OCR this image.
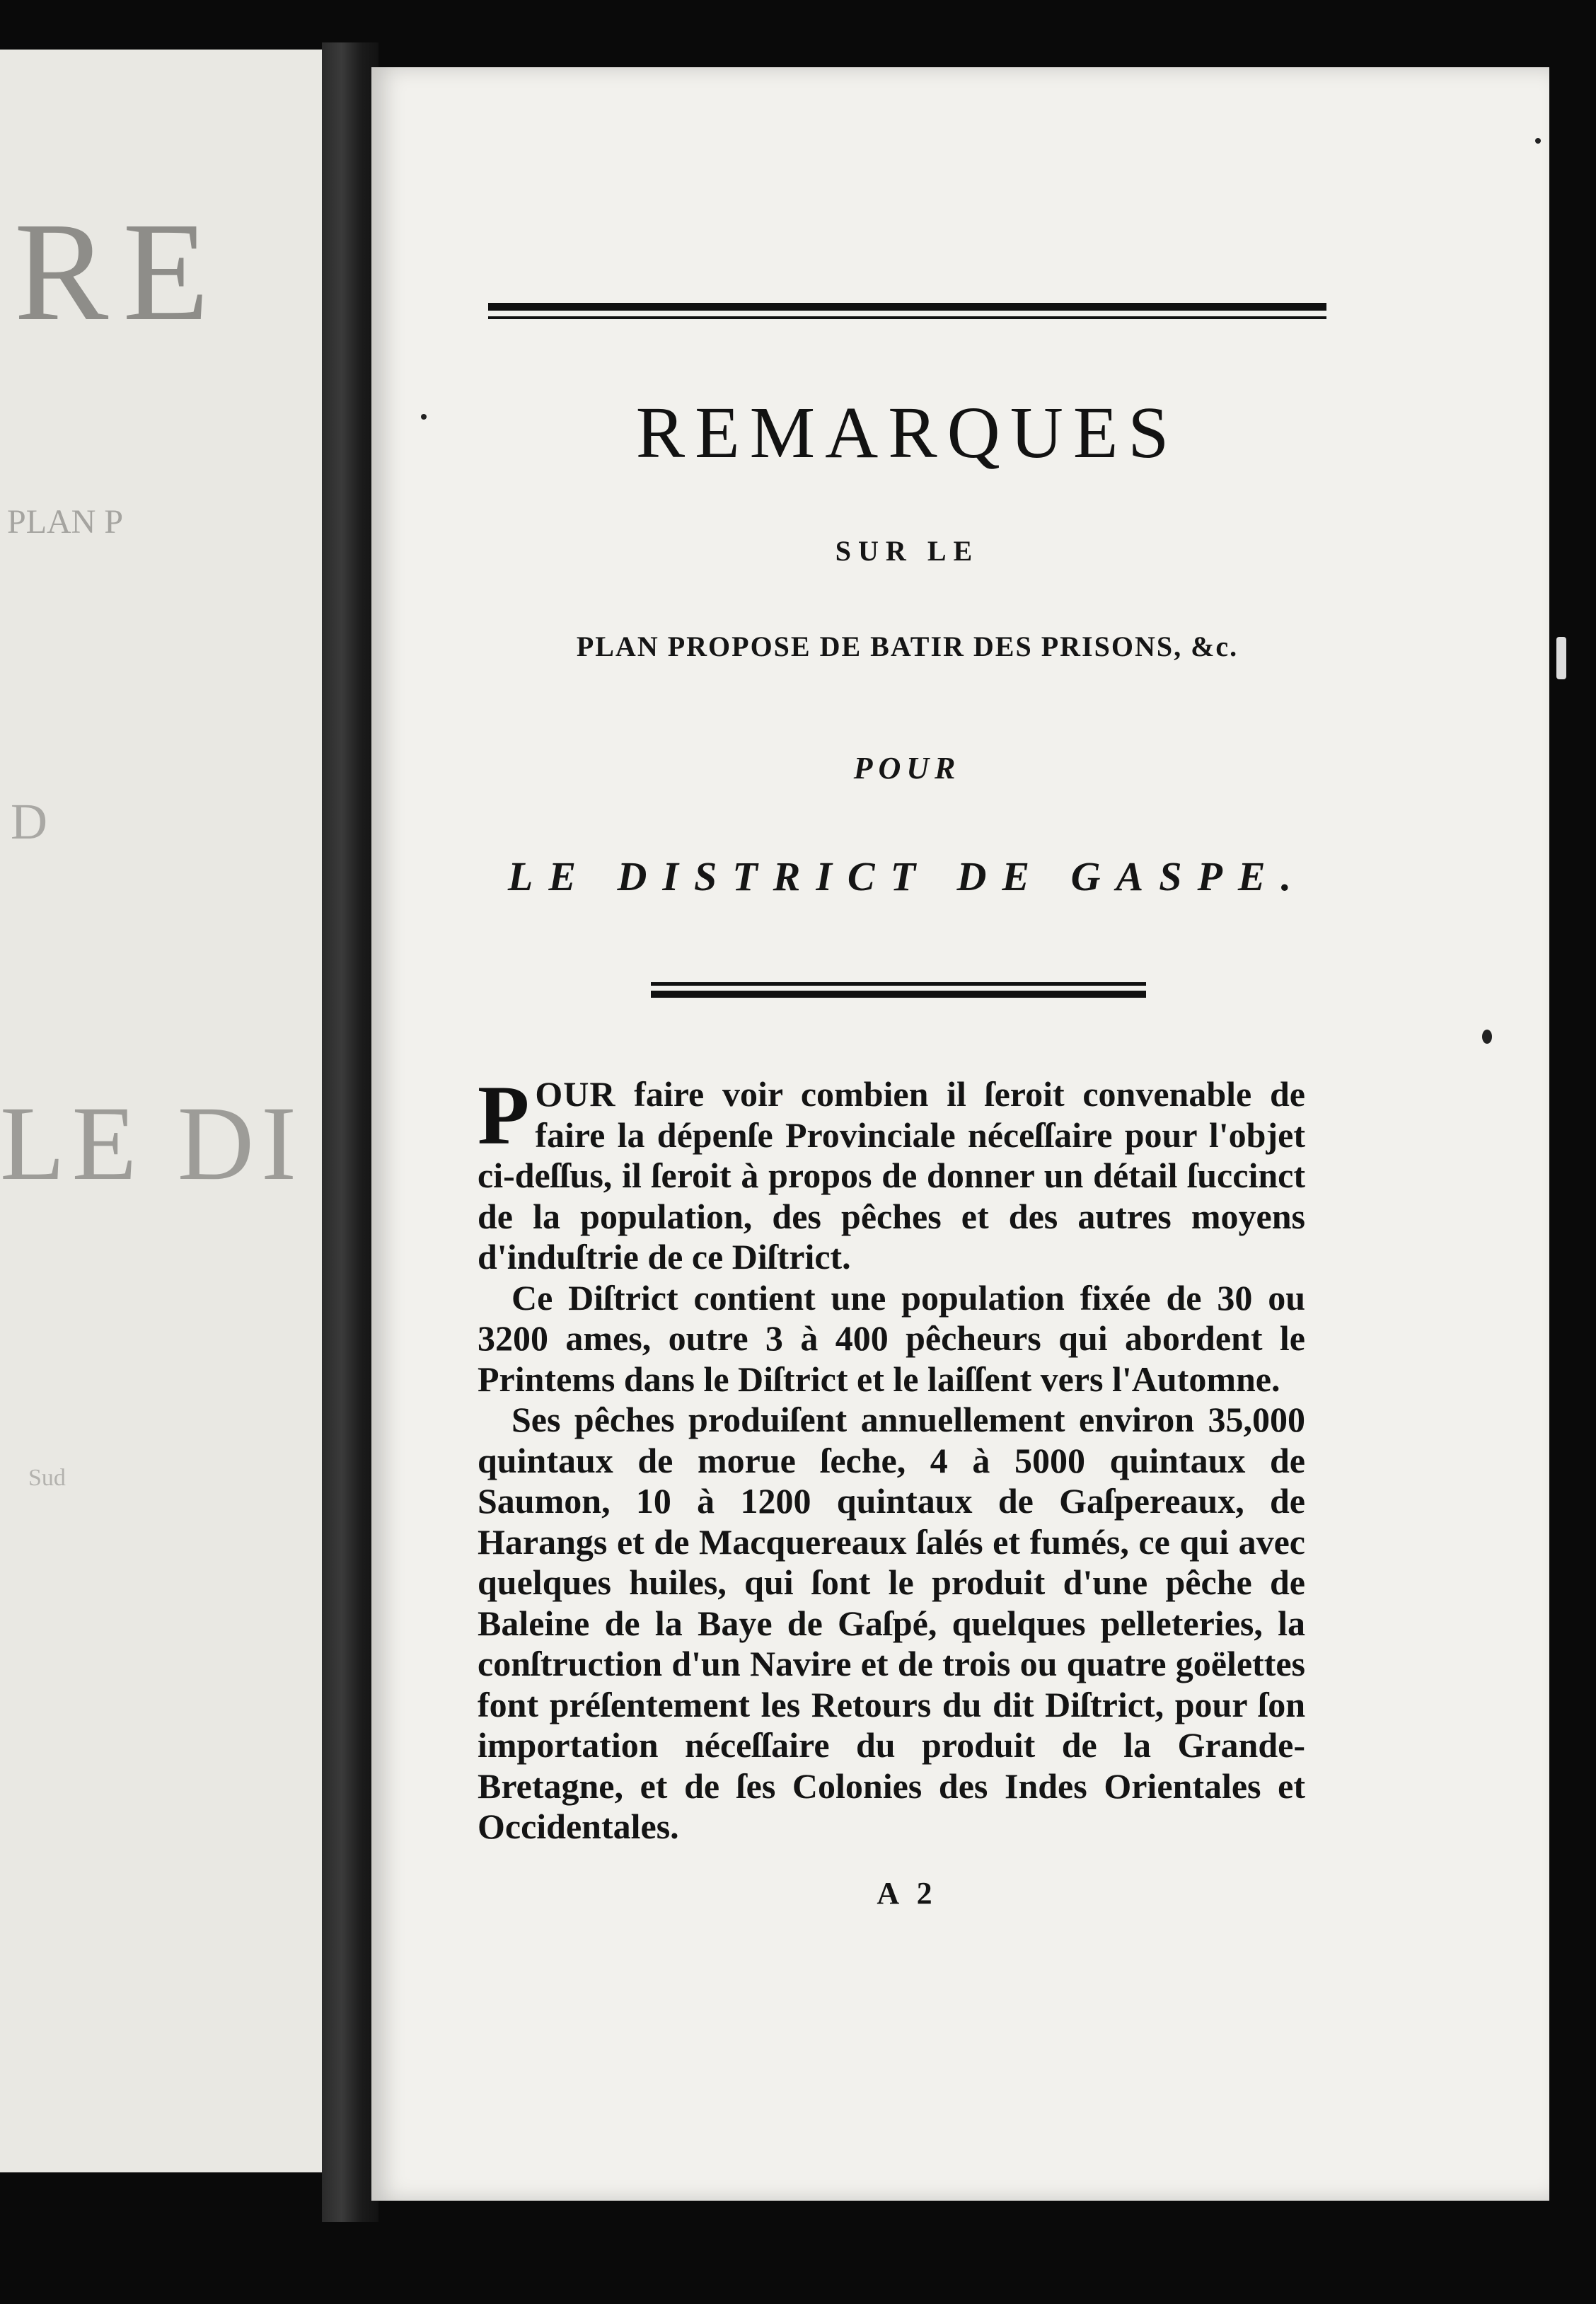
RE
PLAN P
D
LE DI
Sud
REMARQUES
SUR LE
PLAN PROPOSE DE BATIR DES PRISONS, &c.
POUR
LE DISTRICT DE GASPE.

POUR faire voir combien il ſeroit convenable de faire la dépenſe Provinciale néceſſaire pour l'objet ci-deſſus, il ſeroit à propos de donner un détail ſuccinct de la population, des pêches et des autres moyens d'induſtrie de ce Diſtrict.

Ce Diſtrict contient une population fixée de 30 ou 3200 ames, outre 3 à 400 pêcheurs qui abordent le Printems dans le Diſtrict et le laiſſent vers l'Automne.

Ses pêches produiſent annuellement environ 35,000 quintaux de morue ſeche, 4 à 5000 quintaux de Saumon, 10 à 1200 quintaux de Gaſpereaux, de Harangs et de Macquereaux ſalés et fumés, ce qui avec quelques huiles, qui ſont le produit d'une pêche de Baleine de la Baye de Gaſpé, quelques pelleteries, la conſtruction d'un Navire et de trois ou quatre goëlettes font préſentement les Retours du dit Diſtrict, pour ſon importation néceſſaire du produit de la Grande-Bretagne, et de ſes Colonies des Indes Orientales et Occidentales.

A 2
